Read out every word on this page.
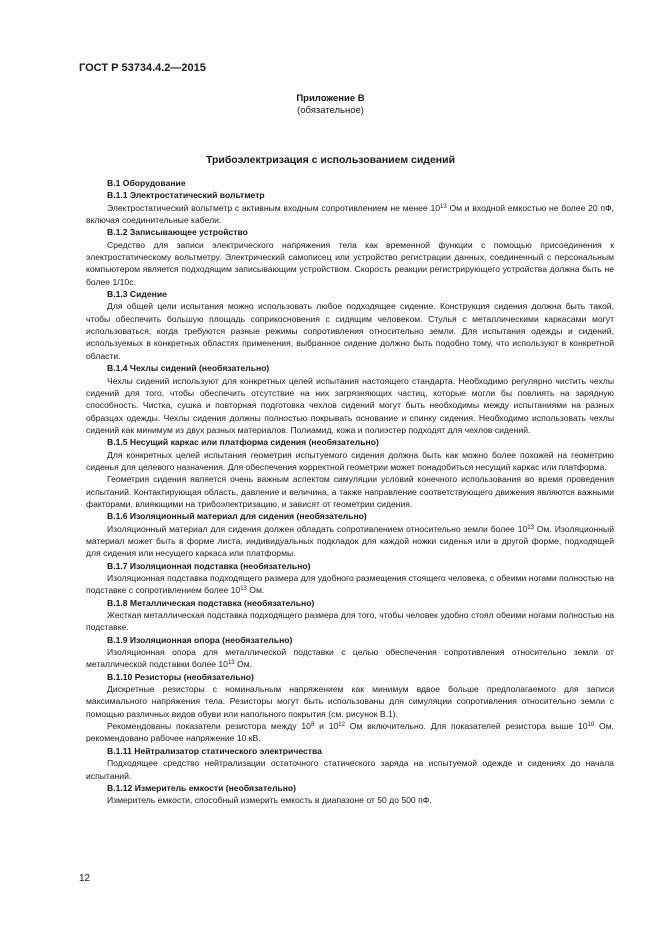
ГОСТ Р 53734.4.2—2015
Приложение В
(обязательное)
Трибоэлектризация с использованием сидений

В.1 Оборудование

В.1.1 Электростатический вольтметр

Электростатический вольтметр с активным входным сопротивлением не менее $10^{13}$ Ом и входной емкостью не более 20 пФ, включая соединительные кабели.

В.1.2 Записывающее устройство

Средство для записи электрического напряжения тела как временной функции с помощью присоединения к электростатическому вольтметру. Электрический самописец или устройство регистрации данных, соединенный с персональным компьютером является подходящим записывающим устройством. Скорость реакции регистрирующего устройства должна быть не более 1/10с.

В.1.3 Сидение

Для общей цели испытания можно использовать любое подходящее сидение. Конструкция сидения должна быть такой, чтобы обеспечить большую площадь соприкосновения с сидящим человеком. Стулья с металлическими каркасами могут использоваться, когда требуются разные режимы сопротивления относительно земли. Для испытания одежды и сидений, используемых в конкретных областях применения, выбранное сидение должно быть подобно тому, что используют в конкретной области.

В.1.4 Чехлы сидений (необязательно)

Чехлы сидений используют для конкретных целей испытания настоящего стандарта. Необходимо регулярно чистить чехлы сидений для того, чтобы обеспечить отсутствие на них загрязняющих частиц, которые могли бы повлиять на зарядную способность. Чистка, сушка и повторная подготовка чехлов сидений могут быть необходимы между испытаниями на разных образцах одежды. Чехлы сидения должны полностью покрывать основание и спинку сидения. Необходимо использовать чехлы сидений как минимум из двух разных материалов. Полиамид, кожа и полиэстер подходят для чехлов сидений.

В.1.5 Несущий каркас или платформа сидения (необязательно)

Для конкретных целей испытания геометрия испытуемого сидения должна быть как можно более похожей на геометрию сиденья для целевого назначения. Для обеспечения корректной геометрии может понадобиться несущий каркас или платформа.

Геометрия сидения является очень важным аспектом симуляции условий конечного использования во время проведения испытаний. Контактирующая область, давление и величина, а также направление соответствующего движения являются важными факторами, влияющими на трибоэлектризацию, и зависят от геометрии сидения.

В.1.6 Изоляционный материал для сидения (необязательно)

Изоляционный материал для сидения должен обладать сопротивлением относительно земли более $10^{13}$ Ом. Изоляционный материал может быть в форме листа, индивидуальных подкладок для каждой ножки сиденья или в другой форме, подходящей для сидения или несущего каркаса или платформы.

В.1.7 Изоляционная подставка (необязательно)

Изоляционная подставка подходящего размера для удобного размещения стоящего человека, с обеими ногами полностью на подставке с сопротивлением более $10^{13}$ Ом.

В.1.8 Металлическая подставка (необязательно)

Жесткая металлическая подставка подходящего размера для того, чтобы человек удобно стоял обеими ногами полностью на подставке.

В.1.9 Изоляционная опора (необязательно)

Изоляционная опора для металлической подставки с целью обеспечения сопротивления относительно земли от металлической подставки более $10^{13}$ Ом.

В.1.10 Резисторы (необязательно)

Дискретные резисторы с номинальным напряжением как минимум вдвое больше предполагаемого для записи максимального напряжения тела. Резисторы могут быть использованы для симуляции сопротивления относительно земли с помощью различных видов обуви или напольного покрытия (см. рисунок В.1).

Рекомендованы показатели резистора между $10^8$ и $10^{12}$ Ом включительно. Для показателей резистора выше $10^{10}$ Ом, рекомендовано рабочее напряжение 10 кВ.

В.1.11 Нейтрализатор статического электричества

Подходящее средство нейтрализации остаточного статического заряда на испытуемой одежде и сидениях до начала испытаний.

В.1.12 Измеритель емкости (необязательно)

Измеритель емкости, способный измерить емкость в диапазоне от 50 до 500 пФ.

12
